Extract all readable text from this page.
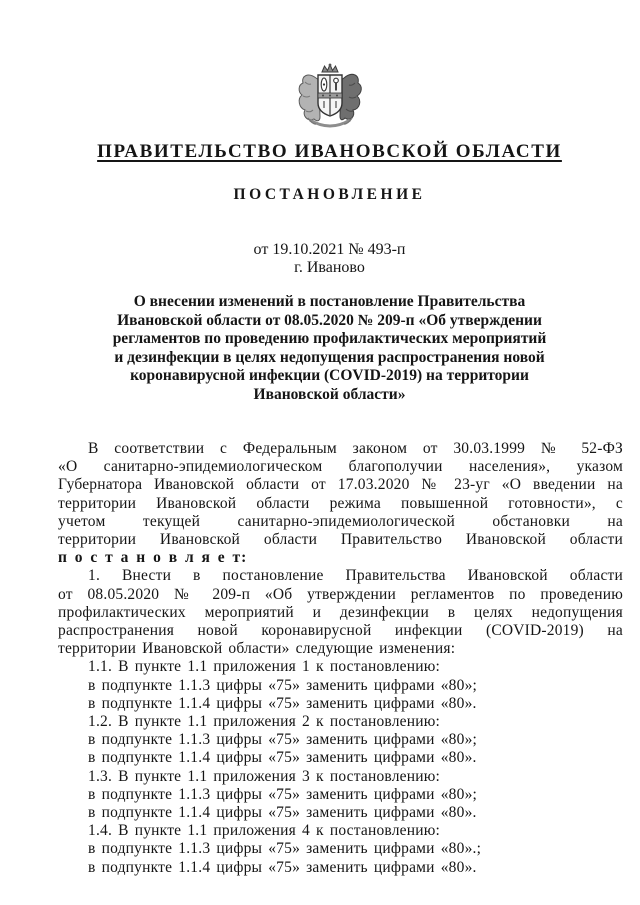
ПРАВИТЕЛЬСТВО ИВАНОВСКОЙ ОБЛАСТИ
ПОСТАНОВЛЕНИЕ
от 19.10.2021 № 493-п
г. Иваново
О внесении изменений в постановление Правительства
Ивановской области от 08.05.2020 № 209-п «Об утверждении
регламентов по проведению профилактических мероприятий
и дезинфекции в целях недопущения распространения новой
коронавирусной инфекции (COVID-2019) на территории
Ивановской области»
В соответствии с Федеральным законом от 30.03.1999 № 52-ФЗ
«О санитарно-эпидемиологическом благополучии населения», указом
Губернатора Ивановской области от 17.03.2020 № 23-уг «О введении на
территории Ивановской области режима повышенной готовности», с
учетом текущей санитарно-эпидемиологической обстановки на
территории Ивановской области Правительство Ивановской области
п о с т а н о в л я е т:
1. Внести в постановление Правительства Ивановской области
от 08.05.2020 № 209-п «Об утверждении регламентов по проведению
профилактических мероприятий и дезинфекции в целях недопущения
распространения новой коронавирусной инфекции (COVID-2019) на
территории Ивановской области» следующие изменения:
1.1. В пункте 1.1 приложения 1 к постановлению:
в подпункте 1.1.3 цифры «75» заменить цифрами «80»;
в подпункте 1.1.4 цифры «75» заменить цифрами «80».
1.2. В пункте 1.1 приложения 2 к постановлению:
в подпункте 1.1.3 цифры «75» заменить цифрами «80»;
в подпункте 1.1.4 цифры «75» заменить цифрами «80».
1.3. В пункте 1.1 приложения 3 к постановлению:
в подпункте 1.1.3 цифры «75» заменить цифрами «80»;
в подпункте 1.1.4 цифры «75» заменить цифрами «80».
1.4. В пункте 1.1 приложения 4 к постановлению:
в подпункте 1.1.3 цифры «75» заменить цифрами «80».;
в подпункте 1.1.4 цифры «75» заменить цифрами «80».
